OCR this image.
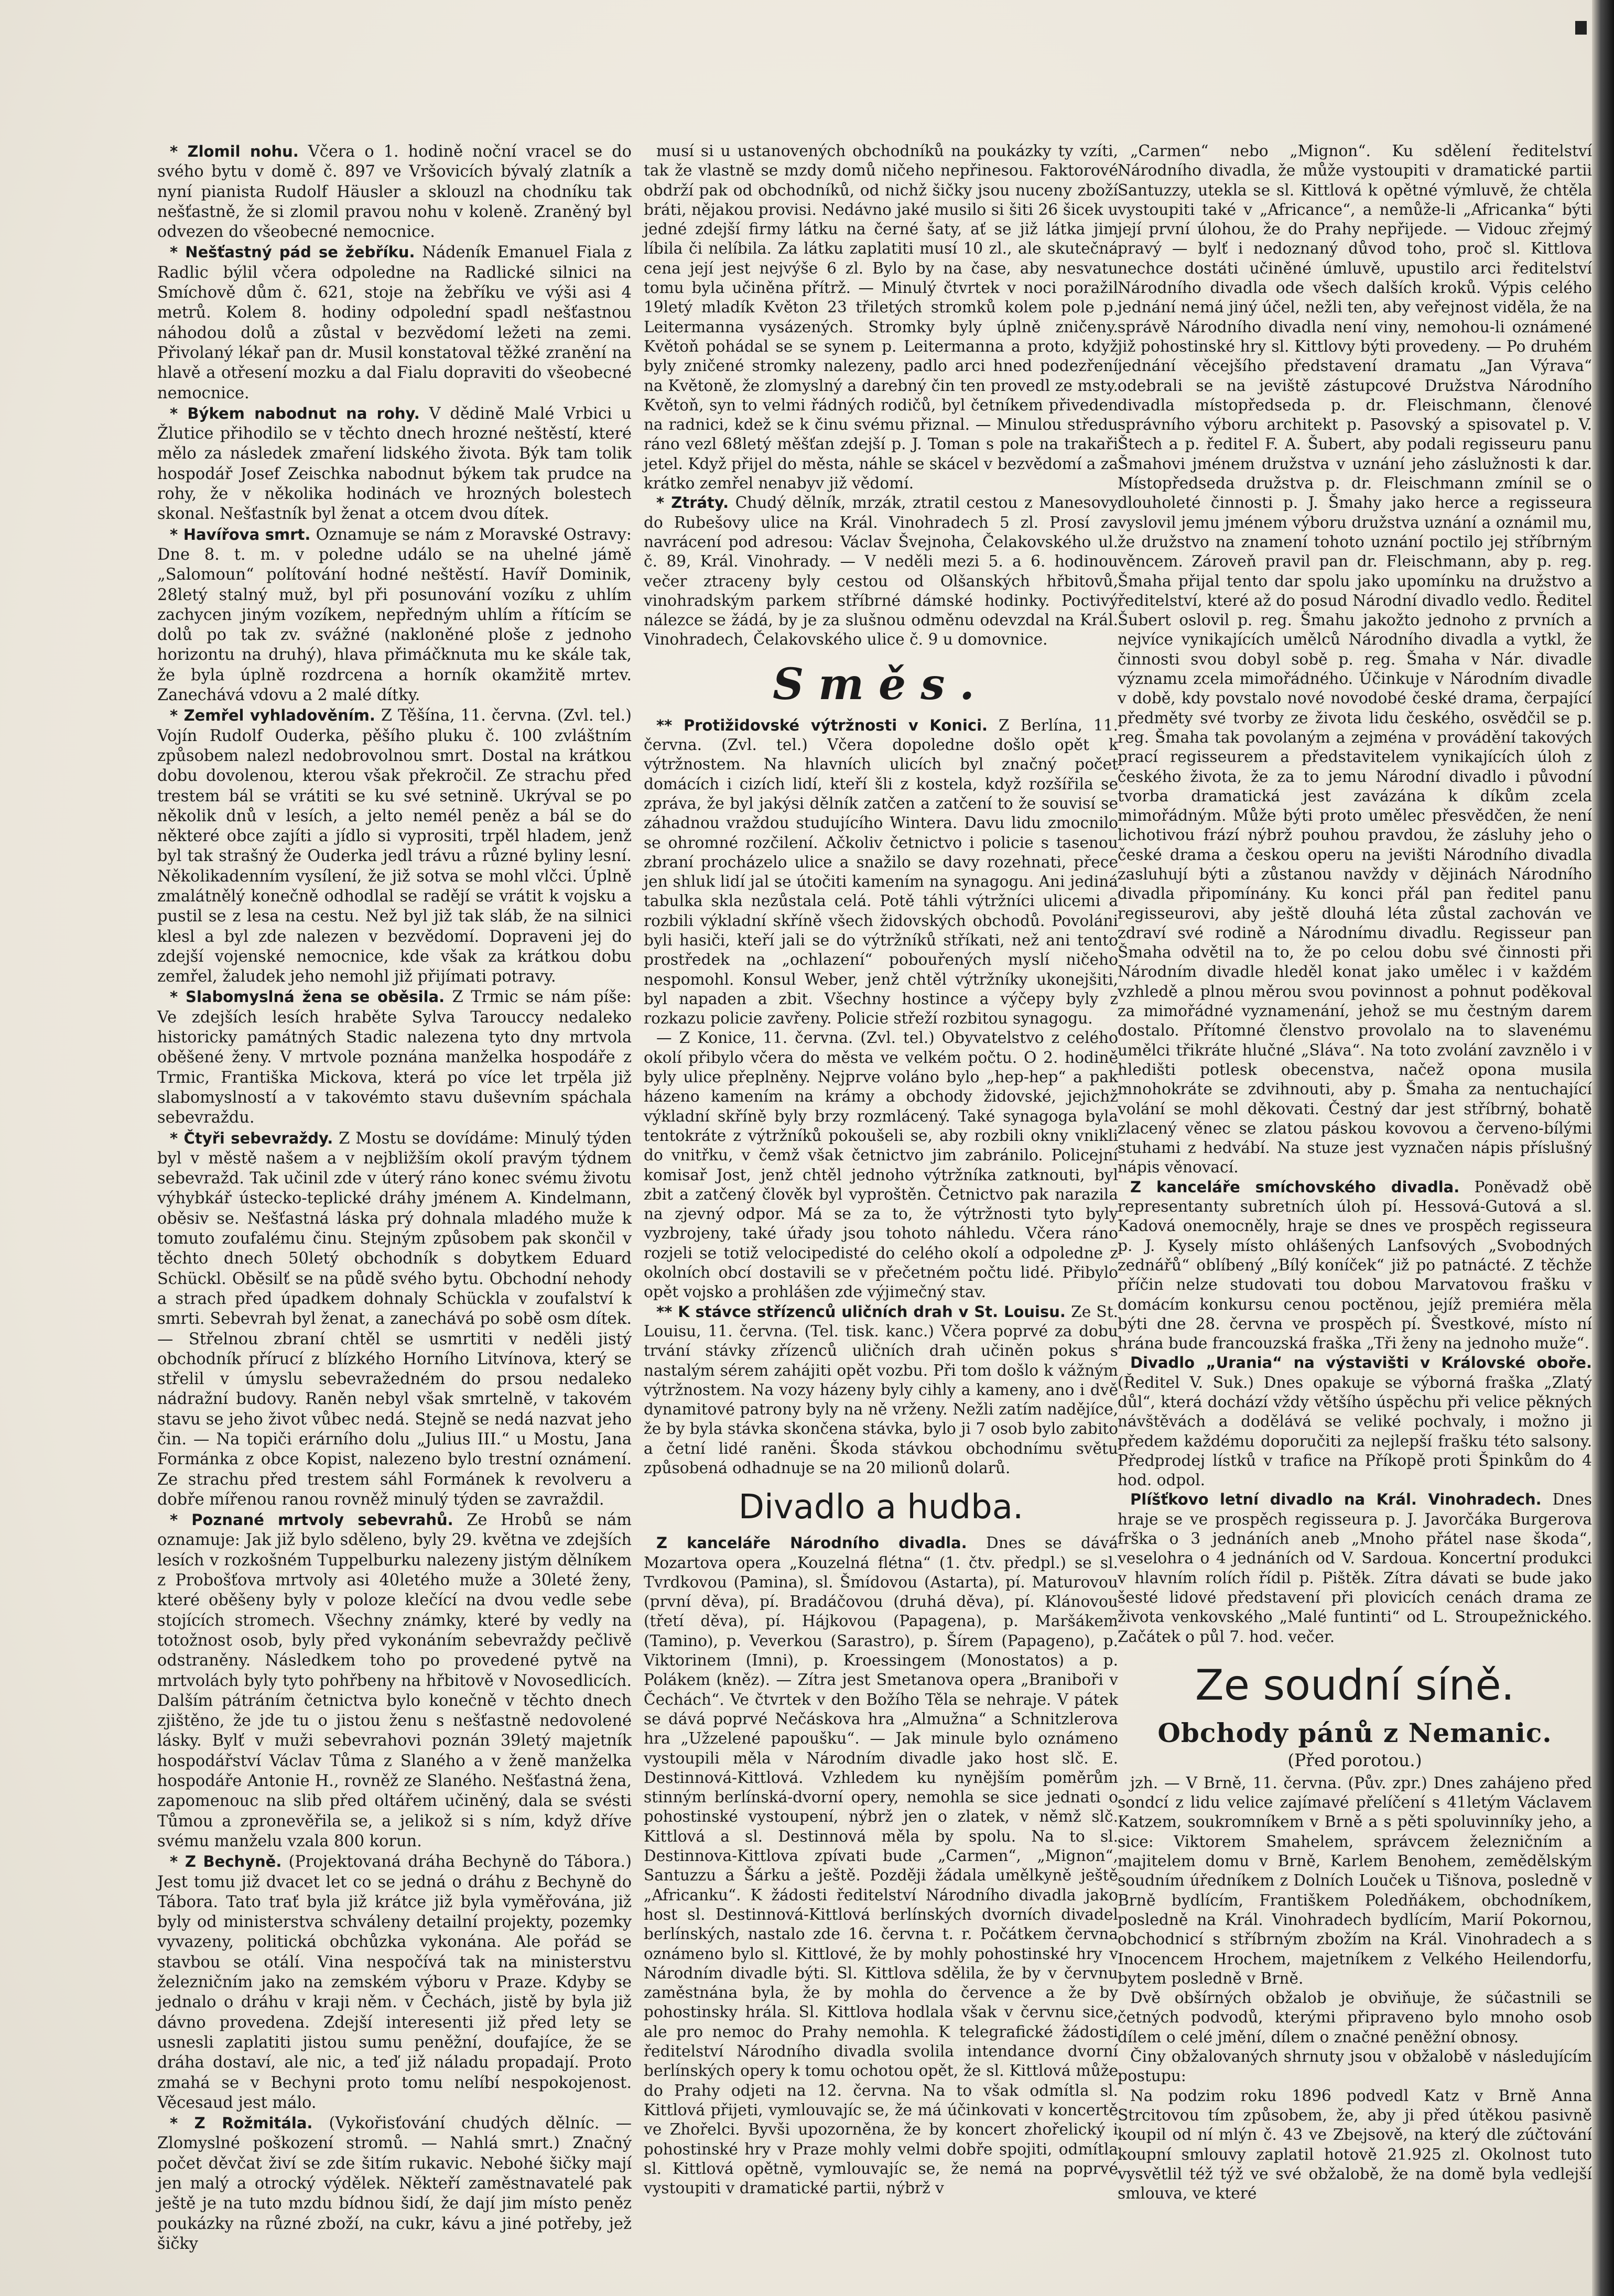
* Zlomil nohu. Včera o 1. hodině noční vracel se do svého bytu v domě č. 897 ve Vršovicích bývalý zlatník a nyní pianista Rudolf Häusler a sklouzl na chodníku tak nešťastně, že si zlomil pravou nohu v koleně. Zraněný byl odvezen do všeobecné nemocnice.

* Nešťastný pád se žebříku. Nádeník Emanuel Fiala z Radlic býlil včera odpoledne na Radlické silnici na Smíchově dům č. 621, stoje na žebříku ve výši asi 4 metrů. Kolem 8. hodiny odpolední spadl nešťastnou náhodou dolů a zůstal v bezvědomí ležeti na zemi. Přivolaný lékař pan dr. Musil konstatoval těžké zranění na hlavě a otřesení mozku a dal Fialu dopraviti do všeobecné nemocnice.

* Býkem nabodnut na rohy. V dědině Malé Vrbici u Žlutice přihodilo se v těchto dnech hrozné neštěstí, které mělo za následek zmaření lidského života. Býk tam tolik hospodář Josef Zeischka nabodnut býkem tak prudce na rohy, že v několika hodinách ve hrozných bolestech skonal. Nešťastník byl ženat a otcem dvou dítek.

* Havířova smrt. Oznamuje se nám z Moravské Ostravy: Dne 8. t. m. v poledne událo se na uhelné jámě „Salomoun“ polítování hodné neštěstí. Havíř Dominik, 28letý stalný muž, byl při posunování vozíku z uhlím zachycen jiným vozíkem, nepředným uhlím a řítícím se dolů po tak zv. svážné (nakloněné ploše z jednoho horizontu na druhý), hlava přimáčknuta mu ke skále tak, že byla úplně rozdrcena a horník okamžitě mrtev. Zanechává vdovu a 2 malé dítky.

* Zemřel vyhladověním. Z Těšína, 11. června. (Zvl. tel.) Vojín Rudolf Ouderka, pěšího pluku č. 100 zvláštním způsobem nalezl nedobrovolnou smrt. Dostal na krátkou dobu dovolenou, kterou však překročil. Ze strachu před trestem bál se vrátiti se ku své setnině. Ukrýval se po několik dnů v lesích, a jelto nemél peněz a bál se do některé obce zajíti a jídlo si vyprositi, trpěl hladem, jenž byl tak strašný že Ouderka jedl trávu a různé byliny lesní. Několikadenním vysílení, že již sotva se mohl vlčci. Úplně zmalátnělý konečně odhodlal se radějí se vrátit k vojsku a pustil se z lesa na cestu. Než byl již tak sláb, že na silnici klesl a byl zde nalezen v bezvědomí. Dopraveni jej do zdejší vojenské nemocnice, kde však za krátkou dobu zemřel, žaludek jeho nemohl již přijímati potravy.

* Slabomyslná žena se oběsila. Z Trmic se nám píše: Ve zdejších lesích hraběte Sylva Tarouccy nedaleko historicky památných Stadic nalezena tyto dny mrtvola oběšené ženy. V mrtvole poznána manželka hospodáře z Trmic, Františka Mickova, která po více let trpěla již slabomyslností a v takovémto stavu duševním spáchala sebevraždu.

* Čtyři sebevraždy. Z Mostu se dovídáme: Minulý týden byl v městě našem a v nejbližším okolí pravým týdnem sebevražd. Tak učinil zde v úterý ráno konec svému životu výhybkář ústecko-teplické dráhy jménem A. Kindelmann, oběsiv se. Nešťastná láska prý dohnala mladého muže k tomuto zoufalému činu. Stejným způsobem pak skončil v těchto dnech 50letý obchodník s dobytkem Eduard Schückl. Oběsilť se na půdě svého bytu. Obchodní nehody a strach před úpadkem dohnaly Schückla v zoufalství k smrti. Sebevrah byl ženat, a zanechává po sobě osm dítek. — Střelnou zbraní chtěl se usmrtiti v neděli jistý obchodník přírucí z blízkého Horního Litvínova, který se střelil v úmyslu sebevražedném do prsou nedaleko nádražní budovy. Raněn nebyl však smrtelně, v takovém stavu se jeho život vůbec nedá. Stejně se nedá nazvat jeho čin. — Na topiči erárního dolu „Julius III.“ u Mostu, Jana Formánka z obce Kopist, nalezeno bylo trestní oznámení. Ze strachu před trestem sáhl Formánek k revolveru a dobře mířenou ranou rovněž minulý týden se zavraždil.

* Poznané mrtvoly sebevrahů. Ze Hrobů se nám oznamuje: Jak již bylo sděleno, byly 29. května ve zdejších lesích v rozkošném Tuppelburku nalezeny jistým dělníkem z Probošťova mrtvoly asi 40letého muže a 30leté ženy, které oběšeny byly v poloze klečící na dvou vedle sebe stojících stromech. Všechny známky, které by vedly na totožnost osob, byly před vykonáním sebevraždy pečlivě odstraněny. Následkem toho po provedené pytvě na mrtvolách byly tyto pohřbeny na hřbitově v Novosedlicích. Dalším pátráním četnictva bylo konečně v těchto dnech zjištěno, že jde tu o jistou ženu s nešťastně nedovolené lásky. Bylť v muži sebevrahovi poznán 39letý majetník hospodářství Václav Tůma z Slaného a v ženě manželka hospodáře Antonie H., rovněž ze Slaného. Nešťastná žena, zapomenouc na slib před oltářem učiněný, dala se svésti Tůmou a zpronevěřila se, a jelikož si s ním, když dříve svému manželu vzala 800 korun.

* Z Bechyně. (Projektovaná dráha Bechyně do Tábora.) Jest tomu již dvacet let co se jedná o dráhu z Bechyně do Tábora. Tato trať byla již krátce již byla vyměřována, již byly od ministerstva schváleny detailní projekty, pozemky vyvazeny, politická obchůzka vykonána. Ale pořád se stavbou se otálí. Vina nespočívá tak na ministerstvu železničním jako na zemském výboru v Praze. Kdyby se jednalo o dráhu v kraji něm. v Čechách, jistě by byla již dávno provedena. Zdejší interesenti již před lety se usnesli zaplatiti jistou sumu peněžní, doufajíce, že se dráha dostaví, ale nic, a teď již náladu propadají. Proto zmahá se v Bechyni proto tomu nelíbí nespokojenost. Věcesaud jest málo.

* Z Rožmitála. (Vykořisťování chudých dělníc. — Zlomyslné poškození stromů. — Nahlá smrt.) Značný počet děvčat živí se zde šitím rukavic. Nebohé šičky mají jen malý a otrocký výdělek. Někteří zaměstnavatelé pak ještě je na tuto mzdu bídnou šidí, že dají jim místo peněz poukázky na různé zboží, na cukr, kávu a jiné potřeby, jež šičky

musí si u ustanovených obchodníků na poukázky ty vzíti, tak že vlastně se mzdy domů ničeho nepřinesou. Faktorové obdrží pak od obchodníků, od nichž šičky jsou nuceny zboží bráti, nějakou provisi. Nedávno jaké musilo si šiti 26 šicek u jedné zdejší firmy látku na černé šaty, ať se již látka jim líbila či nelíbila. Za látku zaplatiti musí 10 zl., ale skutečná cena její jest nejvýše 6 zl. Bylo by na čase, aby nesvatu tomu byla učiněna přítrž. — Minulý čtvrtek v noci poražil 19letý mladík Květon 23 třiletých stromků kolem pole p. Leitermanna vysázených. Stromky byly úplně zničeny. Květoň pohádal se se synem p. Leitermanna a proto, když byly zničené stromky nalezeny, padlo arci hned podezření na Květoně, že zlomyslný a darebný čin ten provedl ze msty. Květoň, syn to velmi řádných rodičů, byl četníkem přiveden na radnici, kdež se k činu svému přiznal. — Minulou středu ráno vezl 68letý měšťan zdejší p. J. Toman s pole na trakaři jetel. Když přijel do města, náhle se skácel v bezvědomí a za krátko zemřel nenabyv již vědomí.

* Ztráty. Chudý dělník, mrzák, ztratil cestou z Manesovy do Rubešovy ulice na Král. Vinohradech 5 zl. Prosí za navrácení pod adresou: Václav Švejnoha, Čelakovského ul. č. 89, Král. Vinohrady. — V neděli mezi 5. a 6. hodinou večer ztraceny byly cestou od Olšanských hřbitovů, vinohradským parkem stříbrné dámské hodinky. Poctivý nálezce se žádá, by je za slušnou odměnu odevzdal na Král. Vinohradech, Čelakovského ulice č. 9 u domovnice.

Směs.

** Protižidovské výtržnosti v Konici. Z Berlína, 11. června. (Zvl. tel.) Včera dopoledne došlo opět k výtržnostem. Na hlavních ulicích byl značný počet domácích i cizích lidí, kteří šli z kostela, když rozšířila se zpráva, že byl jakýsi dělník zatčen a zatčení to že souvisí se záhadnou vraždou studujícího Wintera. Davu lidu zmocnilo se ohromné rozčilení. Ačkoliv četnictvo i policie s tasenou zbraní procházelo ulice a snažilo se davy rozehnati, přece jen shluk lidí jal se útočiti kamením na synagogu. Ani jediná tabulka skla nezůstala celá. Potě táhli výtržníci ulicemi a rozbili výkladní skříně všech židovských obchodů. Povoláni byli hasiči, kteří jali se do výtržníků stříkati, než ani tento prostředek na „ochlazení“ pobouřených myslí ničeho nespomohl. Konsul Weber, jenž chtěl výtržníky ukonejšiti, byl napaden a zbit. Všechny hostince a výčepy byly z rozkazu policie zavřeny. Policie střeží rozbitou synagogu.

— Z Konice, 11. června. (Zvl. tel.) Obyvatelstvo z celého okolí přibylo včera do města ve velkém počtu. O 2. hodině byly ulice přeplněny. Nejprve voláno bylo „hep-hep“ a pak házeno kamením na krámy a obchody židovské, jejichž výkladní skříně byly brzy rozmlácený. Také synagoga byla tentokráte z výtržníků pokoušeli se, aby rozbili okny vnikli do vnitřku, v čemž však četnictvo jim zabránilo. Policejní komisař Jost, jenž chtěl jednoho výtržníka zatknouti, byl zbit a zatčený člověk byl vyproštěn. Četnictvo pak narazila na zjevný odpor. Má se za to, že výtržnosti tyto byly vyzbrojeny, také úřady jsou tohoto náhledu. Včera ráno rozjeli se totiž velocipedisté do celého okolí a odpoledne z okolních obcí dostavili se v přečetném počtu lidé. Přibylo opět vojsko a prohlášen zde výjimečný stav.

** K stávce střízenců uličních drah v St. Louisu. Ze St. Louisu, 11. června. (Tel. tisk. kanc.) Včera poprvé za dobu trvání stávky zřízenců uličních drah učiněn pokus s nastalým sérem zahájiti opět vozbu. Při tom došlo k vážným výtržnostem. Na vozy házeny byly cihly a kameny, ano i dvě dynamitové patrony byly na ně vrženy. Nežli zatím nadějíce, že by byla stávka skončena stávka, bylo ji 7 osob bylo zabito a četní lidé raněni. Škoda stávkou obchodnímu světu způsobená odhadnuje se na 20 milionů dolarů.

Divadlo a hudba.

Z kanceláře Národního divadla. Dnes se dává Mozartova opera „Kouzelná flétna“ (1. čtv. předpl.) se sl. Tvrdkovou (Pamina), sl. Šmídovou (Astarta), pí. Maturovou (první děva), pí. Bradáčovou (druhá děva), pí. Klánovou (třetí děva), pí. Hájkovou (Papagena), p. Maršákem (Tamino), p. Veverkou (Sarastro), p. Šírem (Papageno), p. Viktorinem (Imni), p. Kroessingem (Monostatos) a p. Polákem (kněz). — Zítra jest Smetanova opera „Braniboři v Čechách“. Ve čtvrtek v den Božího Těla se nehraje. V pátek se dává poprvé Nečáskova hra „Almužna“ a Schnitzlerova hra „Užzelené papoušku“. — Jak minule bylo oznámeno vystoupili měla v Národním divadle jako host slč. E. Destinnová-Kittlová. Vzhledem ku nynějším poměrům stinným berlínská-dvorní opery, nemohla se sice jednati o pohostinské vystoupení, nýbrž jen o zlatek, v němž slč. Kittlová a sl. Destinnová měla by spolu. Na to sl. Destinnova-Kittlova zpívati bude „Carmen“, „Mignon“, Santuzzu a Šárku a ještě. Později žádala umělkyně ještě „Africanku“. K žádosti ředitelství Národního divadla jako host sl. Destinnová-Kittlová berlínských dvorních divadel berlínských, nastalo zde 16. června t. r. Počátkem června oznámeno bylo sl. Kittlové, že by mohly pohostinské hry v Národním divadle býti. Sl. Kittlova sdělila, že by v červnu zaměstnána byla, že by mohla do července a že by pohostinsky hrála. Sl. Kittlova hodlala však v červnu sice, ale pro nemoc do Prahy nemohla. K telegrafické žádosti ředitelství Národního divadla svolila intendance dvorní berlínských opery k tomu ochotou opět, že sl. Kittlová může do Prahy odjeti na 12. června. Na to však odmítla sl. Kittlová přijeti, vymlouvajíc se, že má účinkovati v koncertě ve Zhořelci. Byvši upozorněna, že by koncert zhořelický i pohostinské hry v Praze mohly velmi dobře spojiti, odmítla sl. Kittlová opětně, vymlouvajíc se, že nemá na poprvé vystoupiti v dramatické partii, nýbrž v

„Carmen“ nebo „Mignon“. Ku sdělení ředitelství Národního divadla, že může vystoupiti v dramatické partii Santuzzy, utekla se sl. Kittlová k opětné výmluvě, že chtěla vystoupiti také v „Africance“, a nemůže-li „Africanka“ býti její první úlohou, že do Prahy nepřijede. — Vidouc zřejmý pravý — bylť i nedoznaný důvod toho, proč sl. Kittlova nechce dostáti učiněné úmluvě, upustilo arci ředitelství Národního divadla ode všech dalších kroků. Výpis celého jednání nemá jiný účel, nežli ten, aby veřejnost viděla, že na správě Národního divadla není viny, nemohou-li oznámené již pohostinské hry sl. Kittlovy býti provedeny. — Po druhém jednání věcejšího představení dramatu „Jan Výrava“ odebrali se na jeviště zástupcové Družstva Národního divadla místopředseda p. dr. Fleischmann, členové správního výboru architekt p. Pasovský a spisovatel p. V. Štech a p. ředitel F. A. Šubert, aby podali regisseuru panu Šmahovi jménem družstva v uznání jeho záslužnosti k dar. Místopředseda družstva p. dr. Fleischmann zmínil se o dlouholeté činnosti p. J. Šmahy jako herce a regisseura vyslovil jemu jménem výboru družstva uznání a oznámil mu, že družstvo na znamení tohoto uznání poctilo jej stříbrným věncem. Zároveň pravil pan dr. Fleischmann, aby p. reg. Šmaha přijal tento dar spolu jako upomínku na družstvo a ředitelství, které až do posud Národní divadlo vedlo. Ředitel Šubert oslovil p. reg. Šmahu jakožto jednoho z prvních a nejvíce vynikajících umělců Národního divadla a vytkl, že činnosti svou dobyl sobě p. reg. Šmaha v Nár. divadle významu zcela mimořádného. Účinkuje v Národním divadle v době, kdy povstalo nové novodobé české drama, čerpající předměty své tvorby ze života lidu českého, osvědčil se p. reg. Šmaha tak povolaným a zejména v provádění takových prací regisseurem a představitelem vynikajících úloh z českého života, že za to jemu Národní divadlo i původní tvorba dramatická jest zavázána k díkům zcela mimořádným. Může býti proto umělec přesvědčen, že není lichotivou frází nýbrž pouhou pravdou, že zásluhy jeho o české drama a českou operu na jevišti Národního divadla zasluhují býti a zůstanou navždy v dějinách Národního divadla připomínány. Ku konci přál pan ředitel panu regisseurovi, aby ještě dlouhá léta zůstal zachován ve zdraví své rodině a Národnímu divadlu. Regisseur pan Šmaha odvětil na to, že po celou dobu své činnosti při Národním divadle hleděl konat jako umělec i v každém vzhledě a plnou měrou svou povinnost a pohnut poděkoval za mimořádné vyznamenání, jehož se mu čestným darem dostalo. Přítomné členstvo provolalo na to slavenému umělci třikráte hlučné „Sláva“. Na toto zvolání zavznělo i v hledišti potlesk obecenstva, načež opona musila mnohokráte se zdvihnouti, aby p. Šmaha za nentuchající volání se mohl děkovati. Čestný dar jest stříbrný, bohatě zlacený věnec se zlatou páskou kovovou a červeno-bílými stuhami z hedvábí. Na stuze jest vyznačen nápis příslušný nápis věnovací.

Z kanceláře smíchovského divadla. Poněvadž obě representanty subretních úloh pí. Hessová-Gutová a sl. Kadová onemocněly, hraje se dnes ve prospěch regisseura p. J. Kysely místo ohlášených Lanfsových „Svobodných zednářů“ oblíbený „Bílý koníček“ již po patnácté. Z těchže příčin nelze studovati tou dobou Marvatovou frašku v domácím konkursu cenou poctěnou, jejíž premiéra měla býti dne 28. června ve prospěch pí. Švestkové, místo ní hrána bude francouzská fraška „Tři ženy na jednoho muže“.

Divadlo „Urania“ na výstavišti v Královské oboře. (Ředitel V. Suk.) Dnes opakuje se výborná fraška „Zlatý důl“, která dochází vždy většího úspěchu při velice pěkných návštěvách a dodělává se veliké pochvaly, i možno ji předem každému doporučiti za nejlepší frašku této salsony. Předprodej lístků v trafice na Příkopě proti Špinkům do 4 hod. odpol.

Plíšťkovo letní divadlo na Král. Vinohradech. Dnes hraje se ve prospěch regisseura p. J. Javorčáka Burgerova frška o 3 jednáních aneb „Mnoho přátel nase škoda“, veselohra o 4 jednáních od V. Sardoua. Koncertní produkci v hlavním rolích řídil p. Pištěk. Zítra dávati se bude jako šesté lidové představení při plovicích cenách drama ze života venkovského „Malé funtinti“ od L. Stroupežnického. Začátek o půl 7. hod. večer.

Ze soudní síně.
Obchody pánů z Nemanic.
(Před porotou.)

jzh. — V Brně, 11. června. (Pův. zpr.) Dnes zahájeno před sondcí z lidu velice zajímavé přelíčení s 41letým Václavem Katzem, soukromníkem v Brně a s pěti spoluvinníky jeho, a sice: Viktorem Smahelem, správcem železničním a majitelem domu v Brně, Karlem Benohem, zemědělským soudním úředníkem z Dolních Louček u Tišnova, posledně v Brně bydlícím, Františkem Poledňákem, obchodníkem, posledně na Král. Vinohradech bydlícím, Marií Pokornou, obchodnicí s stříbrným zbožím na Král. Vinohradech a s Inocencem Hrochem, majetníkem z Velkého Heilendorfu, bytem posledně v Brně.

Dvě obšírných obžalob je obviňuje, že súčastnili se četných podvodů, kterými připraveno bylo mnoho osob dílem o celé jmění, dílem o značné peněžní obnosy.

Činy obžalovaných shrnuty jsou v obžalobě v následujícím postupu:

Na podzim roku 1896 podvedl Katz v Brně Anna Strcitovou tím způsobem, že, aby ji před útěkou pasivně koupil od ní mlýn č. 43 ve Zbejsově, na který dle zúčtování koupní smlouvy zaplatil hotově 21.925 zl. Okolnost tuto vysvětlil též týž ve své obžalobě, že na domě byla vedlejší smlouva, ve které
